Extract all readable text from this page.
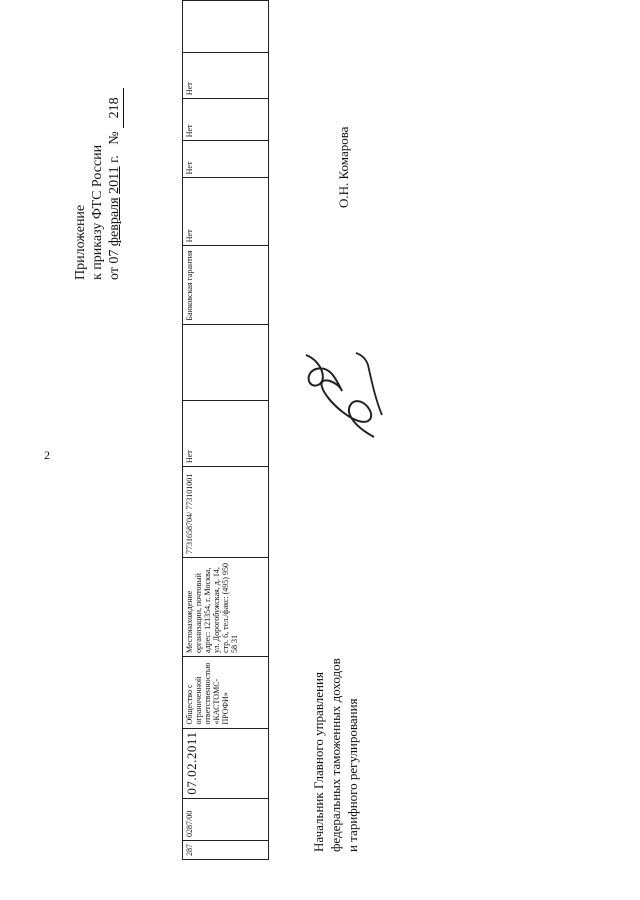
2
Приложение к приказу ФТС России от 07 февраля 2011 г.   № 218
287	0287/00	07.02.2011	Общество с ограниченной ответственностью «КАСТОМС-ПРОФИ»	Местонахождение организации, почтовый адрес: 121354, г. Москва, ул. Дорогобужская, д. 14, стр. 6, тел./факс: (495) 950 58 31	7731658704/ 773101001	Нет		Банковская гарантия	Нет	Нет	Нет	Нет	
Начальник Главного управления федеральных таможенных доходов и тарифного регулирования
О.Н. Комарова
